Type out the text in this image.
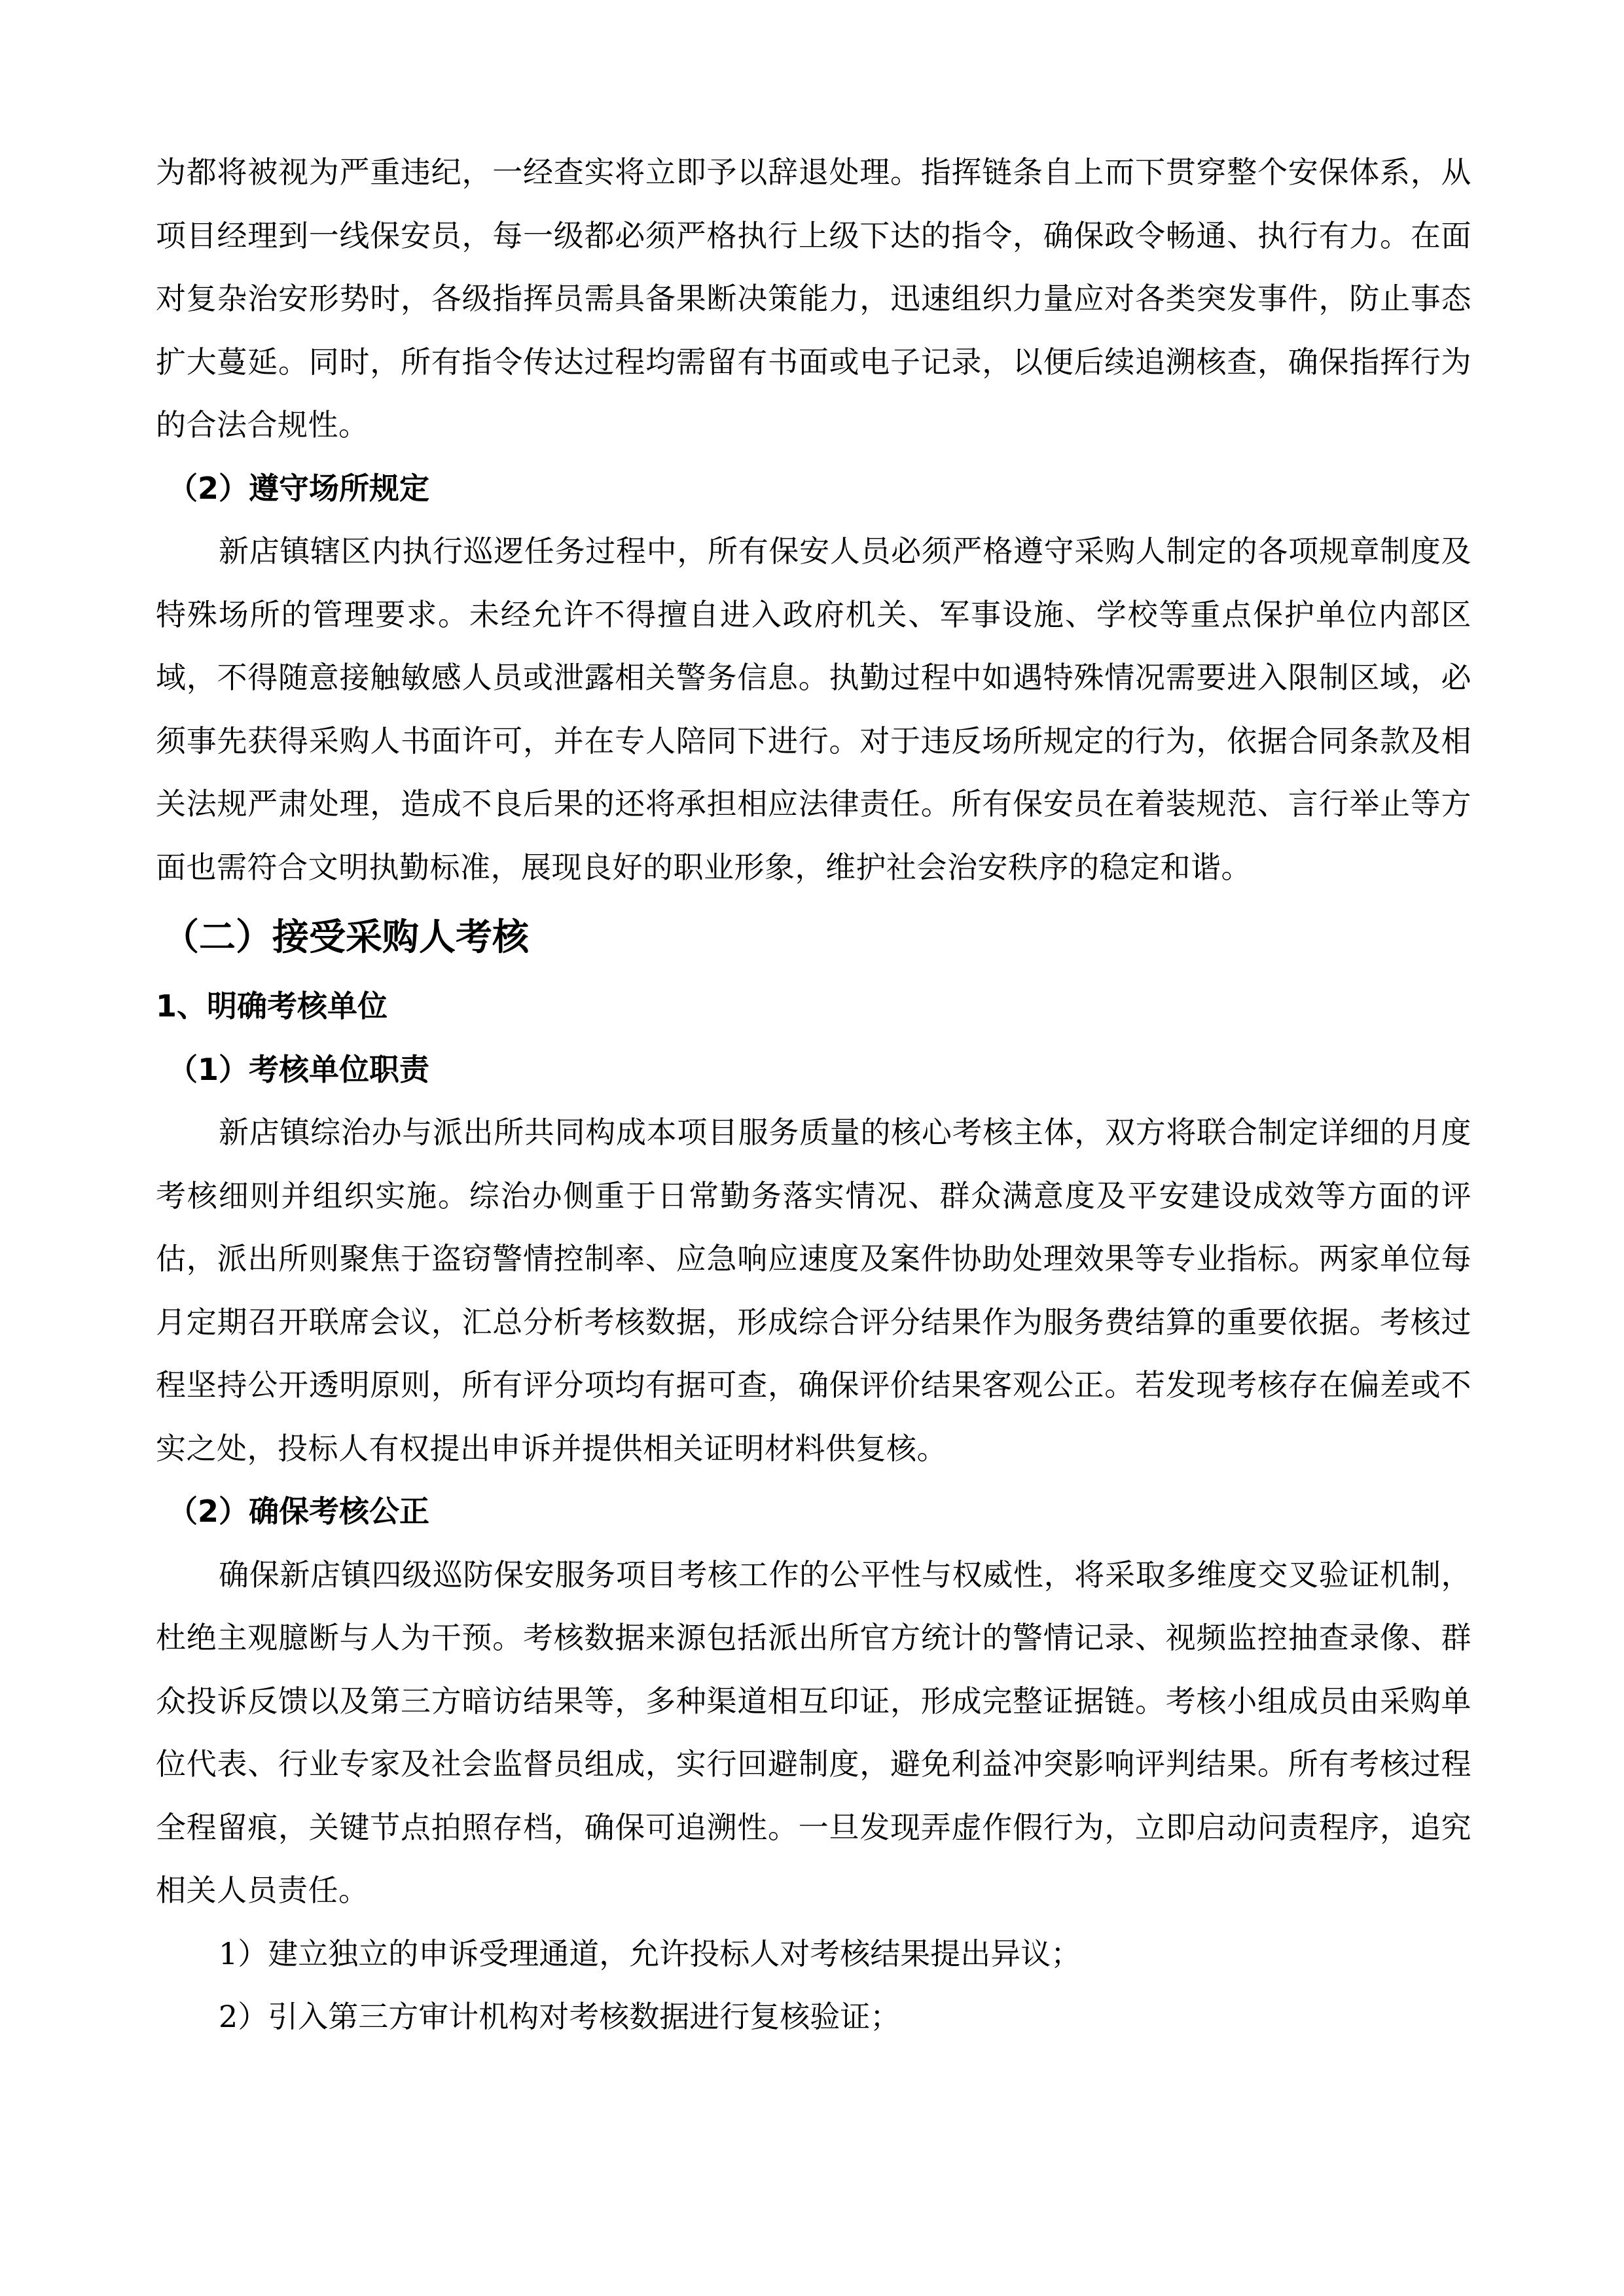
为都将被视为严重违纪，一经查实将立即予以辞退处理。指挥链条自上而下贯穿整个安保体系，从项目经理到一线保安员，每一级都必须严格执行上级下达的指令，确保政令畅通、执行有力。在面对复杂治安形势时，各级指挥员需具备果断决策能力，迅速组织力量应对各类突发事件，防止事态扩大蔓延。同时，所有指令传达过程均需留有书面或电子记录，以便后续追溯核查，确保指挥行为的合法合规性。

（2）遵守场所规定

新店镇辖区内执行巡逻任务过程中，所有保安人员必须严格遵守采购人制定的各项规章制度及特殊场所的管理要求。未经允许不得擅自进入政府机关、军事设施、学校等重点保护单位内部区域，不得随意接触敏感人员或泄露相关警务信息。执勤过程中如遇特殊情况需要进入限制区域，必须事先获得采购人书面许可，并在专人陪同下进行。对于违反场所规定的行为，依据合同条款及相关法规严肃处理，造成不良后果的还将承担相应法律责任。所有保安员在着装规范、言行举止等方面也需符合文明执勤标准，展现良好的职业形象，维护社会治安秩序的稳定和谐。

（二）接受采购人考核

1、明确考核单位

（1）考核单位职责

新店镇综治办与派出所共同构成本项目服务质量的核心考核主体，双方将联合制定详细的月度考核细则并组织实施。综治办侧重于日常勤务落实情况、群众满意度及平安建设成效等方面的评估，派出所则聚焦于盗窃警情控制率、应急响应速度及案件协助处理效果等专业指标。两家单位每月定期召开联席会议，汇总分析考核数据，形成综合评分结果作为服务费结算的重要依据。考核过程坚持公开透明原则，所有评分项均有据可查，确保评价结果客观公正。若发现考核存在偏差或不实之处，投标人有权提出申诉并提供相关证明材料供复核。

（2）确保考核公正

确保新店镇四级巡防保安服务项目考核工作的公平性与权威性，将采取多维度交叉验证机制，杜绝主观臆断与人为干预。考核数据来源包括派出所官方统计的警情记录、视频监控抽查录像、群众投诉反馈以及第三方暗访结果等，多种渠道相互印证，形成完整证据链。考核小组成员由采购单位代表、行业专家及社会监督员组成，实行回避制度，避免利益冲突影响评判结果。所有考核过程全程留痕，关键节点拍照存档，确保可追溯性。一旦发现弄虚作假行为，立即启动问责程序，追究相关人员责任。

1）建立独立的申诉受理通道，允许投标人对考核结果提出异议；

2）引入第三方审计机构对考核数据进行复核验证；
